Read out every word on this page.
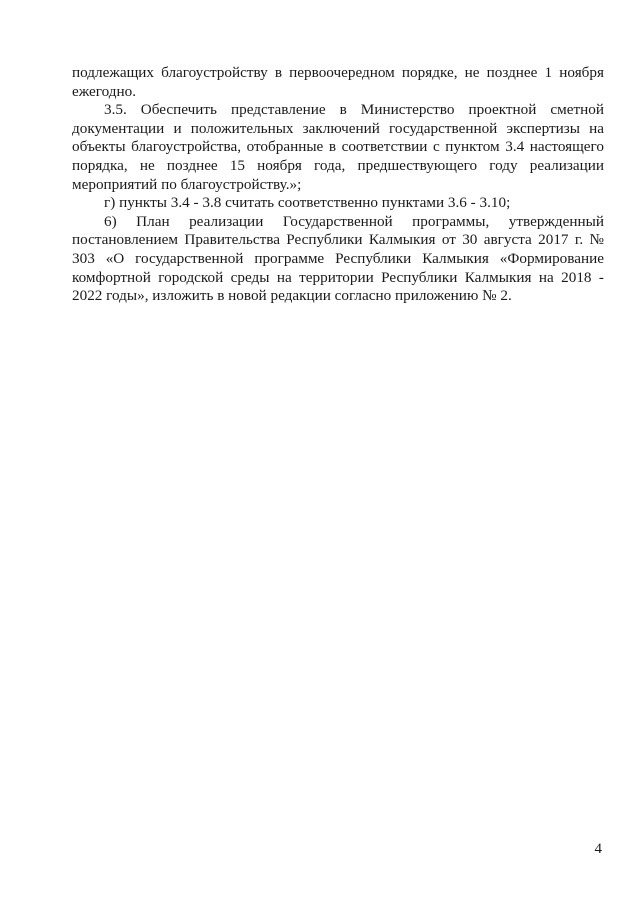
подлежащих благоустройству в первоочередном порядке, не позднее 1 ноября ежегодно.

3.5. Обеспечить представление в Министерство проектной сметной документации и положительных заключений государственной экспертизы на объекты благоустройства, отобранные в соответствии с пунктом 3.4 настоящего порядка, не позднее 15 ноября года, предшествующего году реализации мероприятий по благоустройству.»;

г) пункты 3.4 - 3.8 считать соответственно пунктами 3.6 - 3.10;

6) План реализации Государственной программы, утвержденный постановлением Правительства Республики Калмыкия от 30 августа 2017 г. № 303 «О государственной программе Республики Калмыкия «Формирование комфортной городской среды на территории Республики Калмыкия на 2018 - 2022 годы», изложить в новой редакции согласно приложению № 2.

4
